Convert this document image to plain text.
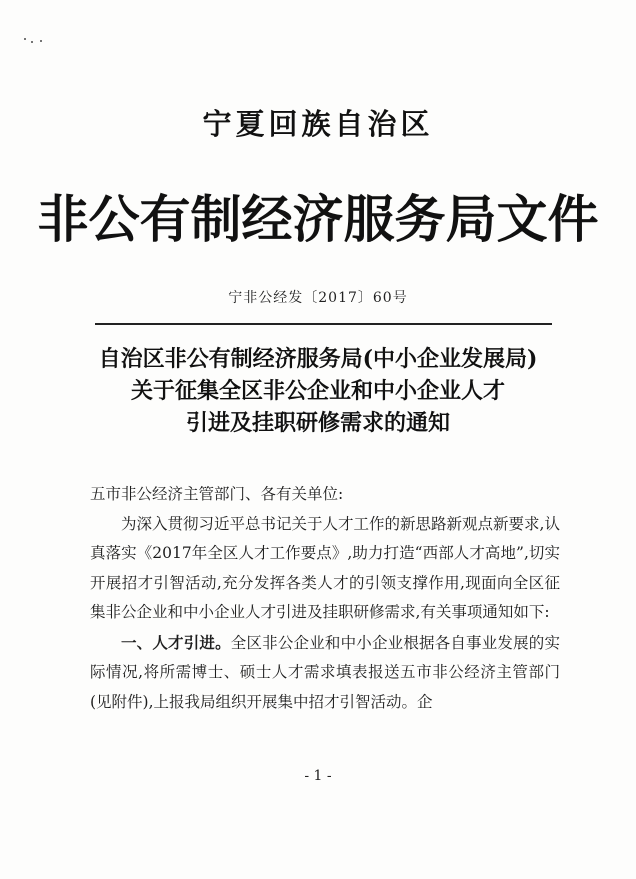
宁夏回族自治区
非公有制经济服务局文件
宁非公经发〔2017〕60号
自治区非公有制经济服务局(中小企业发展局)
关于征集全区非公企业和中小企业人才
引进及挂职研修需求的通知

五市非公经济主管部门、各有关单位:

为深入贯彻习近平总书记关于人才工作的新思路新观点新要求,认真落实《2017年全区人才工作要点》,助力打造“西部人才高地”,切实开展招才引智活动,充分发挥各类人才的引领支撑作用,现面向全区征集非公企业和中小企业人才引进及挂职研修需求,有关事项通知如下:

一、人才引进。全区非公企业和中小企业根据各自事业发展的实际情况,将所需博士、硕士人才需求填表报送五市非公经济主管部门(见附件),上报我局组织开展集中招才引智活动。企

- 1 -
